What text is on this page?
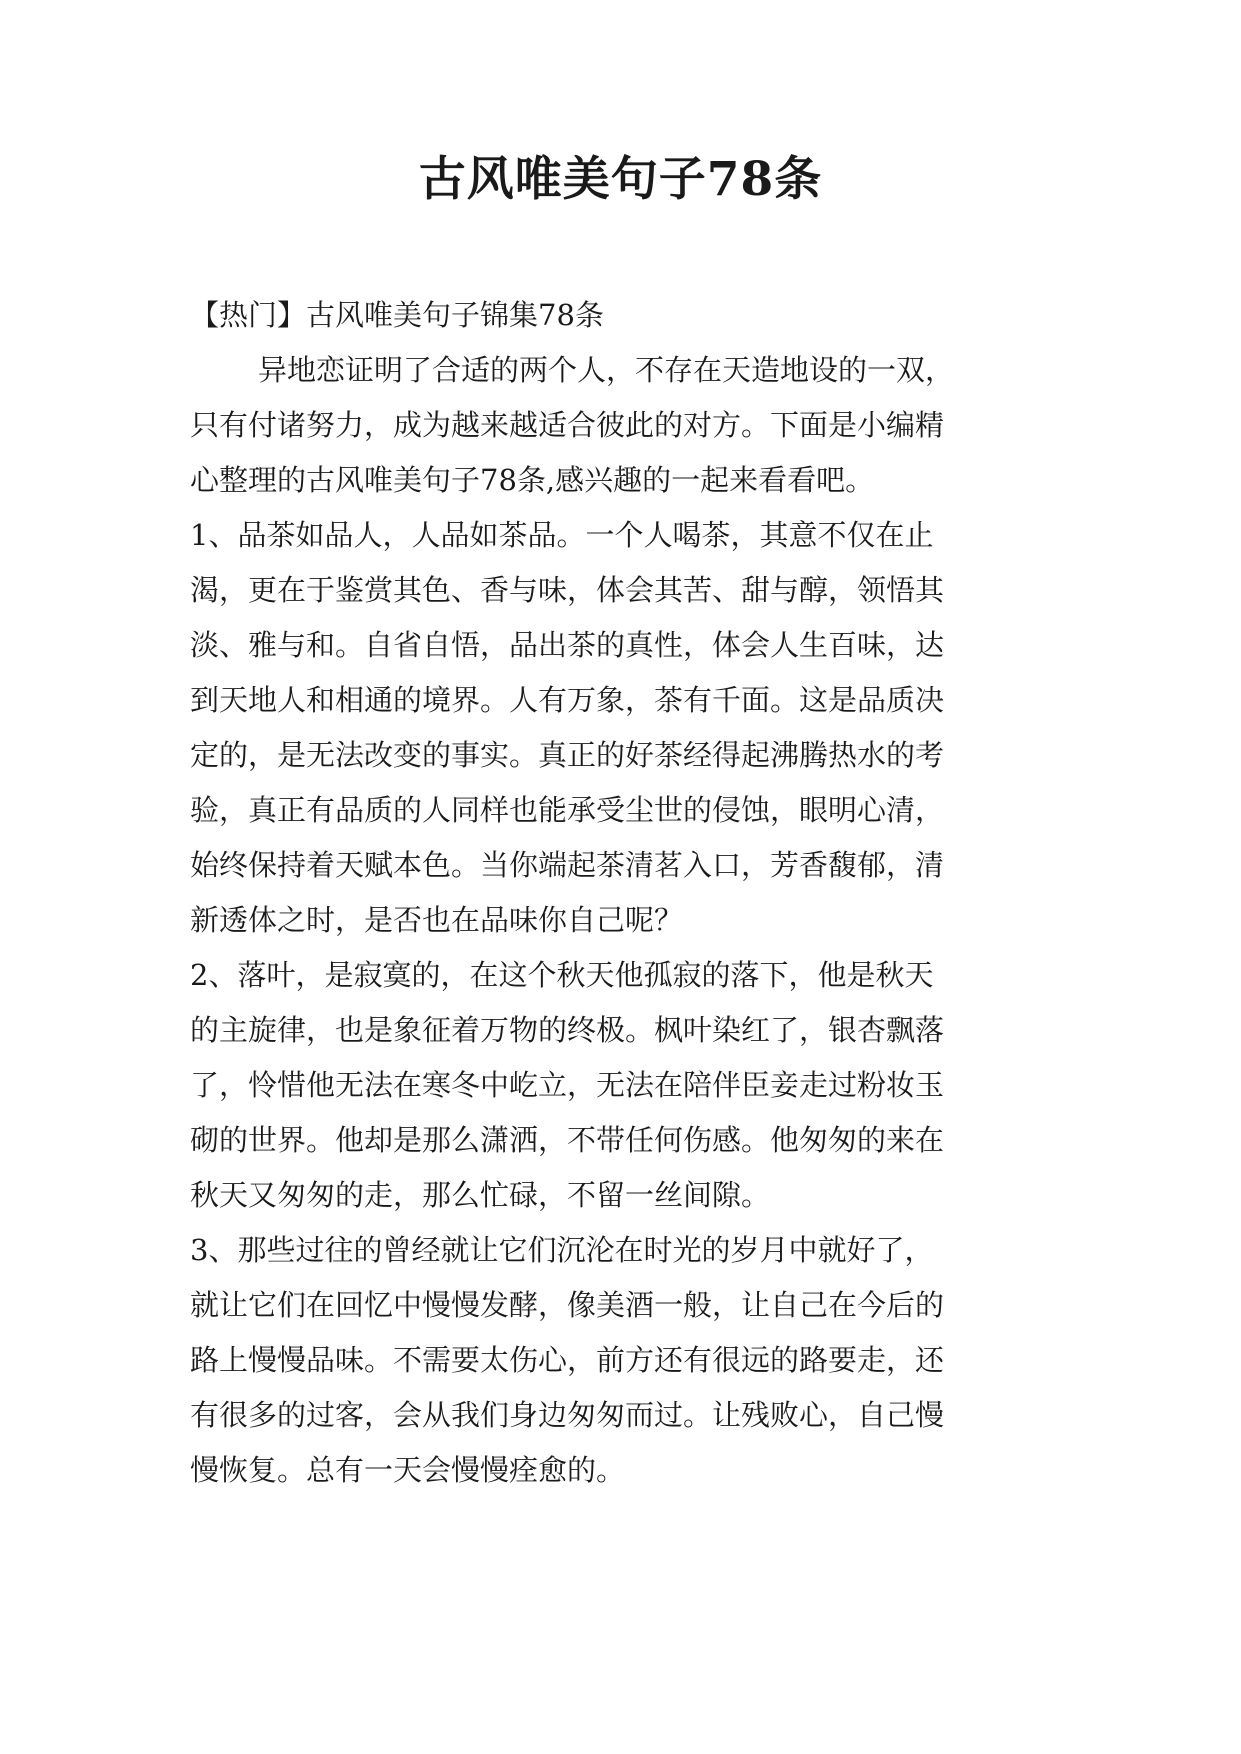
古风唯美句子78条
【热门】古风唯美句子锦集78条
异地恋证明了合适的两个人，不存在天造地设的一双，
只有付诸努力，成为越来越适合彼此的对方。下面是小编精
心整理的古风唯美句子78条,感兴趣的一起来看看吧。
1、品茶如品人，人品如茶品。一个人喝茶，其意不仅在止
渴，更在于鉴赏其色、香与味，体会其苦、甜与醇，领悟其
淡、雅与和。自省自悟，品出茶的真性，体会人生百味，达
到天地人和相通的境界。人有万象，茶有千面。这是品质决
定的，是无法改变的事实。真正的好茶经得起沸腾热水的考
验，真正有品质的人同样也能承受尘世的侵蚀，眼明心清，
始终保持着天赋本色。当你端起茶清茗入口，芳香馥郁，清
新透体之时，是否也在品味你自己呢？
2、落叶，是寂寞的，在这个秋天他孤寂的落下，他是秋天
的主旋律，也是象征着万物的终极。枫叶染红了，银杏飘落
了，怜惜他无法在寒冬中屹立，无法在陪伴臣妾走过粉妆玉
砌的世界。他却是那么潇洒，不带任何伤感。他匆匆的来在
秋天又匆匆的走，那么忙碌，不留一丝间隙。
3、那些过往的曾经就让它们沉沦在时光的岁月中就好了，
就让它们在回忆中慢慢发酵，像美酒一般，让自己在今后的
路上慢慢品味。不需要太伤心，前方还有很远的路要走，还
有很多的过客，会从我们身边匆匆而过。让残败心，自己慢
慢恢复。总有一天会慢慢痊愈的。
